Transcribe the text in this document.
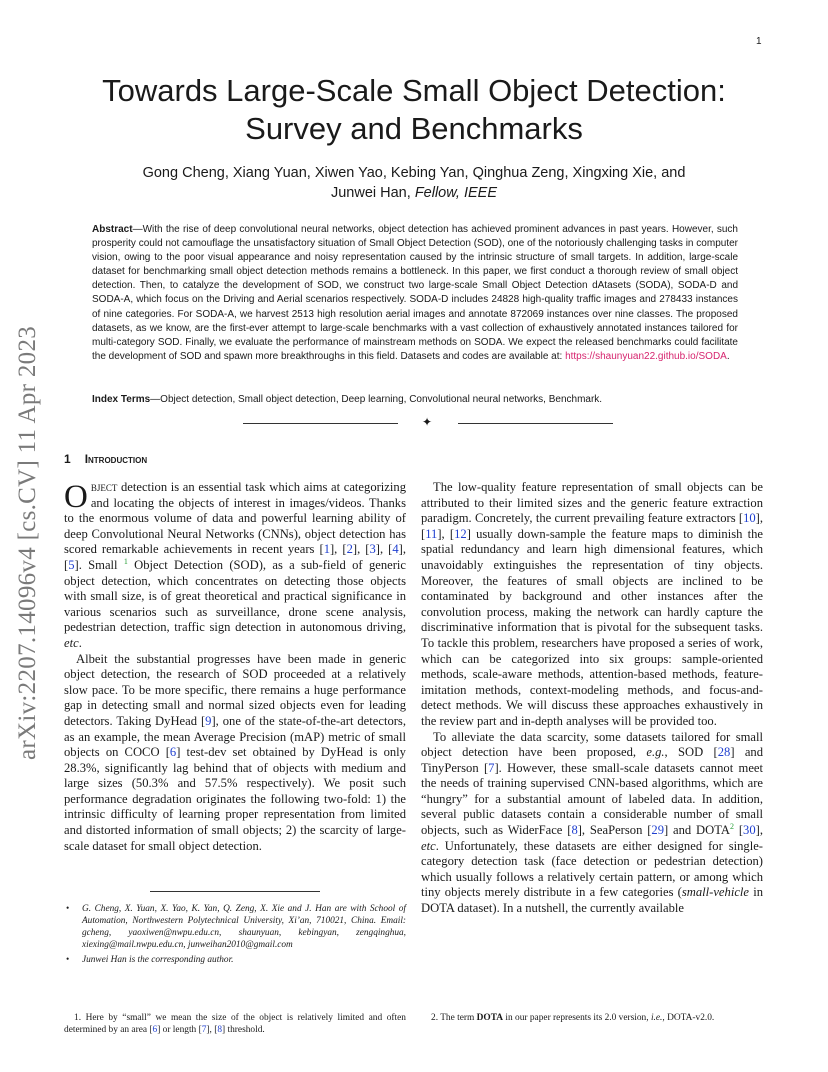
1
arXiv:2207.14096v4 [cs.CV] 11 Apr 2023
Towards Large-Scale Small Object Detection:
Survey and Benchmarks
Gong Cheng, Xiang Yuan, Xiwen Yao, Kebing Yan, Qinghua Zeng, Xingxing Xie, and
Junwei Han, Fellow, IEEE

Abstract—With the rise of deep convolutional neural networks, object detection has achieved prominent advances in past years. However, such prosperity could not camouflage the unsatisfactory situation of Small Object Detection (SOD), one of the notoriously challenging tasks in computer vision, owing to the poor visual appearance and noisy representation caused by the intrinsic structure of small targets. In addition, large-scale dataset for benchmarking small object detection methods remains a bottleneck. In this paper, we first conduct a thorough review of small object detection. Then, to catalyze the development of SOD, we construct two large-scale Small Object Detection dAtasets (SODA), SODA-D and SODA-A, which focus on the Driving and Aerial scenarios respectively. SODA-D includes 24828 high-quality traffic images and 278433 instances of nine categories. For SODA-A, we harvest 2513 high resolution aerial images and annotate 872069 instances over nine classes. The proposed datasets, as we know, are the first-ever attempt to large-scale benchmarks with a vast collection of exhaustively annotated instances tailored for multi-category SOD. Finally, we evaluate the performance of mainstream methods on SODA. We expect the released benchmarks could facilitate the development of SOD and spawn more breakthroughs in this field. Datasets and codes are available at: https://shaunyuan22.github.io/SODA.

Index Terms—Object detection, Small object detection, Deep learning, Convolutional neural networks, Benchmark.

✦
1 Introduction

Object detection is an essential task which aims at categorizing and locating the objects of interest in images/videos. Thanks to the enormous volume of data and powerful learning ability of deep Convolutional Neural Networks (CNNs), object detection has scored remarkable achievements in recent years [1], [2], [3], [4], [5]. Small $^1$ Object Detection (SOD), as a sub-field of generic object detection, which concentrates on detecting those objects with small size, is of great theoretical and practical significance in various scenarios such as surveillance, drone scene analysis, pedestrian detection, traffic sign detection in autonomous driving, etc.

Albeit the substantial progresses have been made in generic object detection, the research of SOD proceeded at a relatively slow pace. To be more specific, there remains a huge performance gap in detecting small and normal sized objects even for leading detectors. Taking DyHead [9], one of the state-of-the-art detectors, as an example, the mean Average Precision (mAP) metric of small objects on COCO [6] test-dev set obtained by DyHead is only 28.3%, significantly lag behind that of objects with medium and large sizes (50.3% and 57.5% respectively). We posit such performance degradation originates the following two-fold: 1) the intrinsic difficulty of learning proper representation from limited and distorted information of small objects; 2) the scarcity of large-scale dataset for small object detection.

The low-quality feature representation of small objects can be attributed to their limited sizes and the generic feature extraction paradigm. Concretely, the current prevailing feature extractors [10], [11], [12] usually down-sample the feature maps to diminish the spatial redundancy and learn high dimensional features, which unavoidably extinguishes the representation of tiny objects. Moreover, the features of small objects are inclined to be contaminated by background and other instances after the convolution process, making the network can hardly capture the discriminative information that is pivotal for the subsequent tasks. To tackle this problem, researchers have proposed a series of work, which can be categorized into six groups: sample-oriented methods, scale-aware methods, attention-based methods, feature-imitation methods, context-modeling methods, and focus-and-detect methods. We will discuss these approaches exhaustively in the review part and in-depth analyses will be provided too.

To alleviate the data scarcity, some datasets tailored for small object detection have been proposed, e.g., SOD [28] and TinyPerson [7]. However, these small-scale datasets cannot meet the needs of training supervised CNN-based algorithms, which are “hungry” for a substantial amount of labeled data. In addition, several public datasets contain a considerable number of small objects, such as WiderFace [8], SeaPerson [29] and DOTA$^2$ [30], etc. Unfortunately, these datasets are either designed for single-category detection task (face detection or pedestrian detection) which usually follows a relatively certain pattern, or among which tiny objects merely distribute in a few categories (small-vehicle in DOTA dataset). In a nutshell, the currently available

• G. Cheng, X. Yuan, X. Yao, K. Yan, Q. Zeng, X. Xie and J. Han are with School of Automation, Northwestern Polytechnical University, Xi’an, 710021, China. Email: gcheng, yaoxiwen@nwpu.edu.cn, shaunyuan, kebingyan, zengqinghua, xiexing@mail.nwpu.edu.cn, junweihan2010@gmail.com
• Junwei Han is the corresponding author.

1. Here by “small” we mean the size of the object is relatively limited and often determined by an area [6] or length [7], [8] threshold.

2. The term DOTA in our paper represents its 2.0 version, i.e., DOTA-v2.0.
